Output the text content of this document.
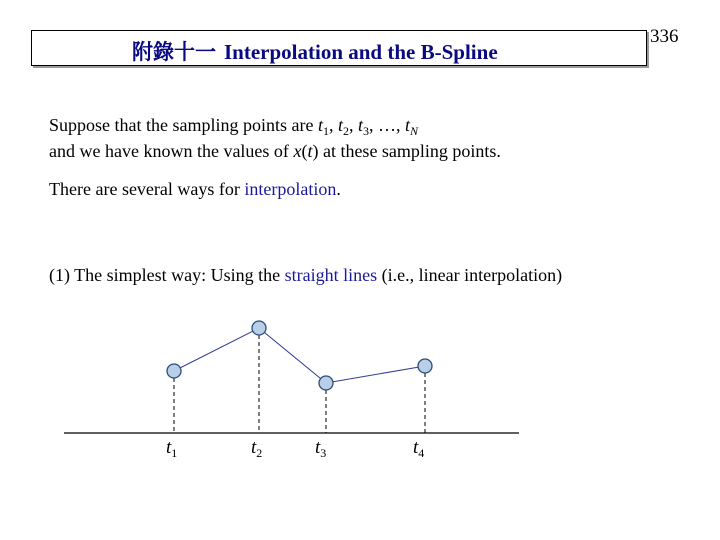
336
附錄十一 Interpolation and the B-Spline
Suppose that the sampling points are $t_1$, $t_2$, $t_3$, …, $t_N$
and we have known the values of x(t) at these sampling points.
There are several ways for interpolation.
(1) The simplest way: Using the straight lines (i.e., linear interpolation)
$t_1$	$t_2$	$t_3$	$t_4$
